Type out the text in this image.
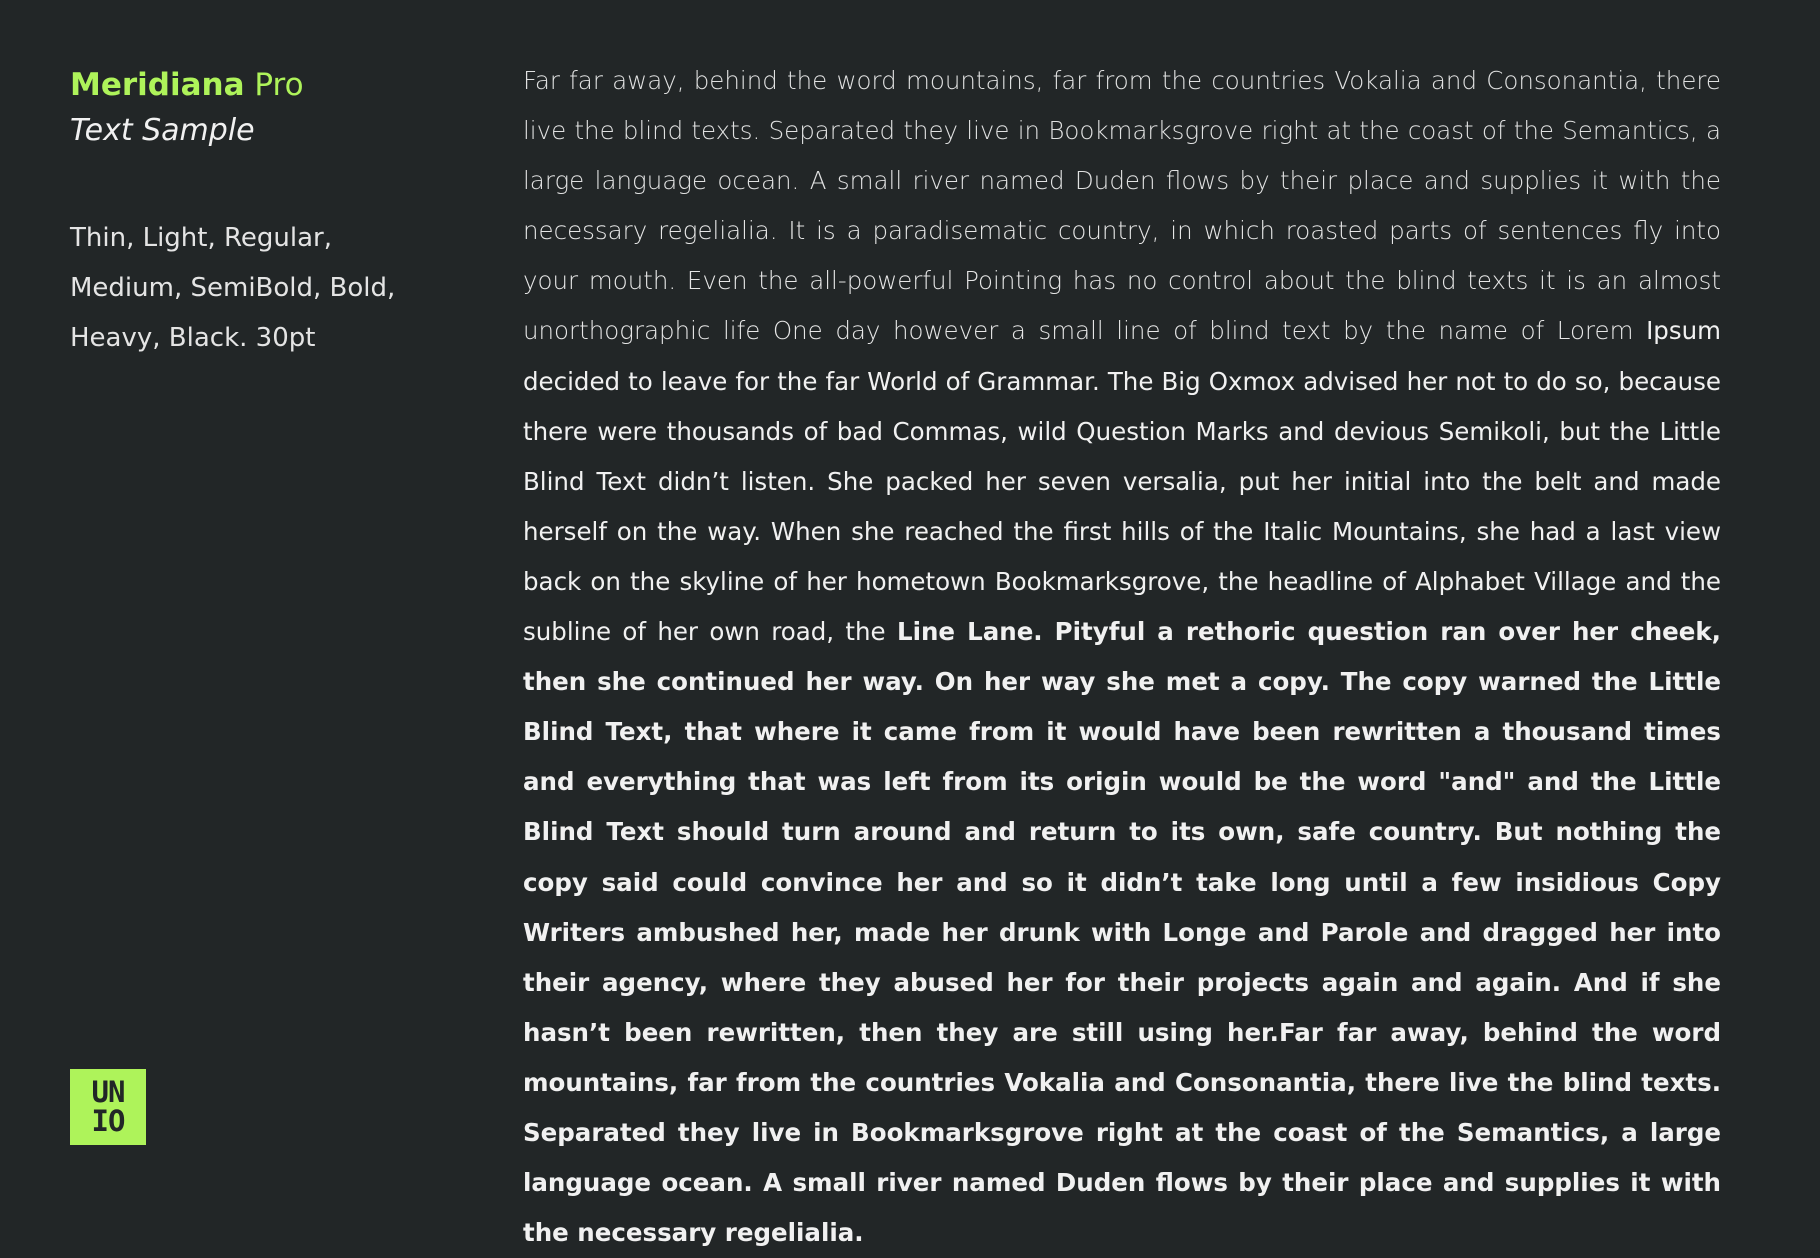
Meridiana Pro
Text Sample

Thin, Light, Regular, Medium, SemiBold, Bold, Heavy, Black. 30pt

UN
IO

Far far away, behind the word mountains, far from the countries Vokalia and Consonantia, there live the blind texts. Separated they live in Bookmarksgrove right at the coast of the Semantics, a large language ocean. A small river named Duden flows by their place and supplies it with the necessary regelialia. It is a paradisematic country, in which roasted parts of sentences fly into your mouth. Even the all-powerful Pointing has no control about the blind texts it is an almost unorthographic life One day however a small line of blind text by the name of Lorem Ipsum decided to leave for the far World of Grammar. The Big Oxmox advised her not to do so, because there were thousands of bad Commas, wild Question Marks and devious Semikoli, but the Little Blind Text didn’t listen. She packed her seven versalia, put her initial into the belt and made herself on the way. When she reached the first hills of the Italic Mountains, she had a last view back on the skyline of her hometown Bookmarksgrove, the headline of Alphabet Village and the subline of her own road, the Line Lane. Pityful a rethoric question ran over her cheek, then she continued her way. On her way she met a copy. The copy warned the Little Blind Text, that where it came from it would have been rewritten a thousand times and everything that was left from its origin would be the word "and" and the Little Blind Text should turn around and return to its own, safe country. But nothing the copy said could convince her and so it didn’t take long until a few insidious Copy Writers ambushed her, made her drunk with Longe and Parole and dragged her into their agency, where they abused her for their projects again and again. And if she hasn’t been rewritten, then they are still using her.Far far away, behind the word mountains, far from the countries Vokalia and Consonantia, there live the blind texts. Separated they live in Bookmarksgrove right at the coast of the Semantics, a large language ocean. A small river named Duden flows by their place and supplies it with the necessary regelialia.
